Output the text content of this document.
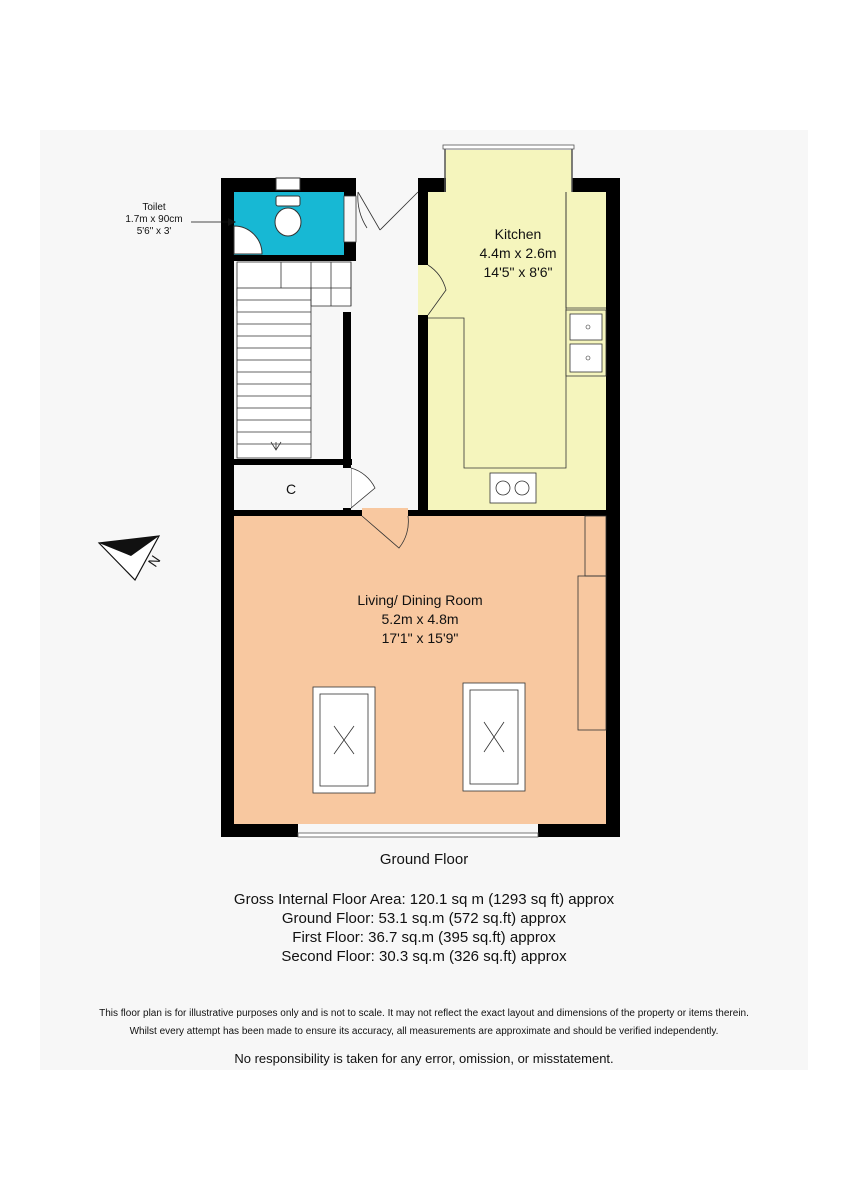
Toilet
1.7m x 90cm
5'6" x 3'	Kitchen
4.4m x 2.6m
14'5" x 8'6"
Living/ Dining Room
5.2m x 4.8m
17'1" x 15'9"
C
N
Ground Floor
Gross Internal Floor Area: 120.1 sq m (1293 sq ft) approx
Ground Floor: 53.1 sq.m (572 sq.ft) approx
First Floor: 36.7 sq.m (395 sq.ft) approx
Second Floor: 30.3 sq.m (326 sq.ft) approx
This floor plan is for illustrative purposes only and is not to scale. It may not reflect the exact layout and dimensions of the property or items therein.
Whilst every attempt has been made to ensure its accuracy, all measurements are approximate and should be verified independently.
No responsibility is taken for any error, omission, or misstatement.
